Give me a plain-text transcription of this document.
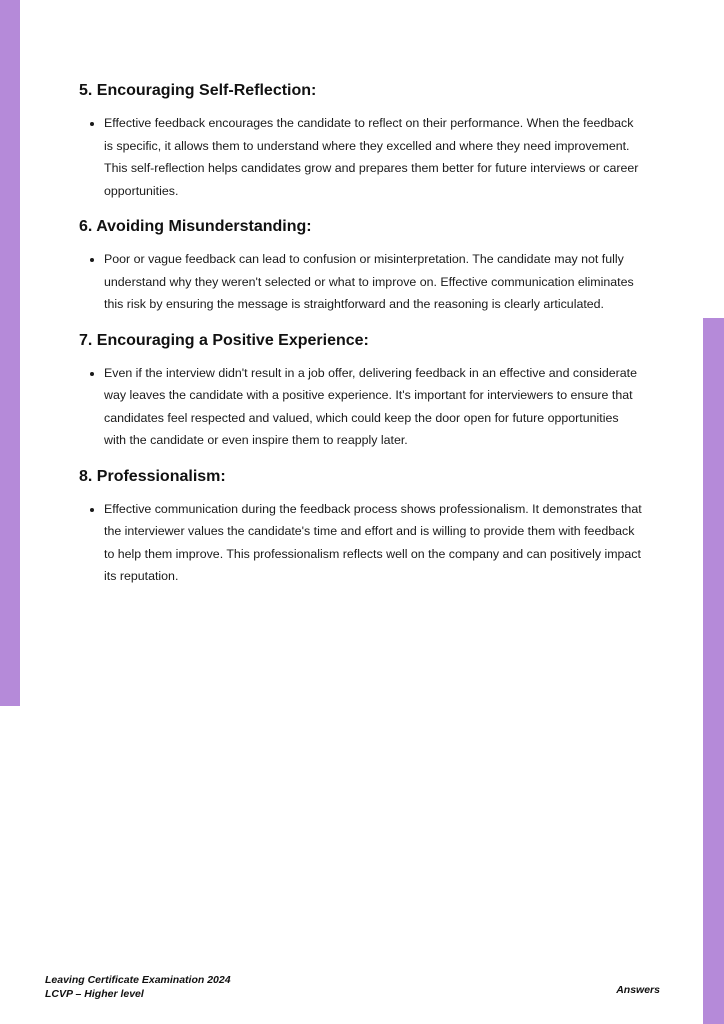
5. Encouraging Self-Reflection:
• Effective feedback encourages the candidate to reflect on their performance. When the feedback is specific, it allows them to understand where they excelled and where they need improvement. This self-reflection helps candidates grow and prepares them better for future interviews or career opportunities.
6. Avoiding Misunderstanding:
• Poor or vague feedback can lead to confusion or misinterpretation. The candidate may not fully understand why they weren't selected or what to improve on. Effective communication eliminates this risk by ensuring the message is straightforward and the reasoning is clearly articulated.
7. Encouraging a Positive Experience:
• Even if the interview didn't result in a job offer, delivering feedback in an effective and considerate way leaves the candidate with a positive experience. It's important for interviewers to ensure that candidates feel respected and valued, which could keep the door open for future opportunities with the candidate or even inspire them to reapply later.
8. Professionalism:
• Effective communication during the feedback process shows professionalism. It demonstrates that the interviewer values the candidate's time and effort and is willing to provide them with feedback to help them improve. This professionalism reflects well on the company and can positively impact its reputation.
Leaving Certificate Examination 2024
LCVP – Higher level	Answers
